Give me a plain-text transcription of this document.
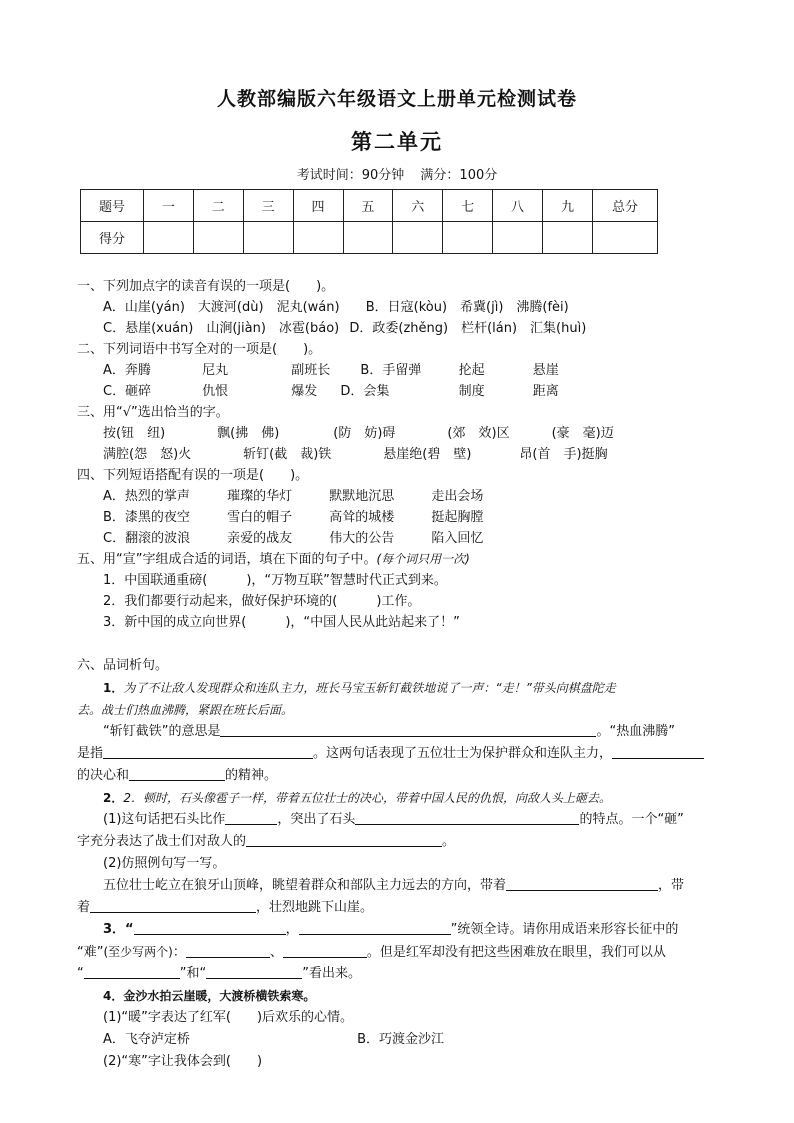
人教部编版六年级语文上册单元检测试卷
第二单元
考试时间：90分钟 满分：100分
题号	一	二	三	四	五	六	七	八	九	总分
得分										
一、下列加点字的读音有误的一项是(　　)。
A．山崖(yán)　大渡河(dù)　泥丸(wán) B．日寇(kòu)　希冀(jì)　沸腾(fèi)
C．悬崖(xuán)　山涧(jiàn)　冰雹(báo) D．政委(zhěng)　栏杆(lán)　汇集(huì)
二、下列词语中书写全对的一项是(　　)。
A．奔腾	尼丸	副班长 B．手留弹	抡起	悬崖
C．砸碎	仇恨	爆发 D．会集	制度	距离
三、用“√”选出恰当的字。
按(钮　纽)	飘(拂　佛)	(防　妨)碍	(郊　效)区	(豪　毫)迈
满腔(怨　怒)火	斩钉(截　裁)铁	悬崖绝(碧　壁)	昂(首　手)挺胸
四、下列短语搭配有误的一项是(　　)。
A．热烈的掌声	璀璨的华灯	默默地沉思	走出会场
B．漆黑的夜空	雪白的帽子	高耸的城楼	挺起胸膛
C．翻滚的波浪	亲爱的战友	伟大的公告	陷入回忆
五、用“宣”字组成合适的词语，填在下面的句子中。(每个词只用一次)
1．中国联通重磅(　　　)，“万物互联”智慧时代正式到来。
2．我们都要行动起来，做好保护环境的(　　　)工作。
3．新中国的成立向世界(　　　)，“中国人民从此站起来了！”
六、品词析句。
1．为了不让敌人发现群众和连队主力，班长马宝玉斩钉截铁地说了一声：“走！”带头向棋盘陀走
去。战士们热血沸腾，紧跟在班长后面。
“斩钉截铁”的意思是	。“热血沸腾”
是指	。这两句话表现了五位壮士为保护群众和连队主力，
的决心和	的精神。
2．2．顿时，石头像雹子一样，带着五位壮士的决心，带着中国人民的仇恨，向敌人头上砸去。
(1)这句话把石头比作	，突出了石头	的特点。一个“砸”
字充分表达了战士们对敌人的	。
(2)仿照例句写一写。
五位壮士屹立在狼牙山顶峰，眺望着群众和部队主力远去的方向，带着	，带
着	，壮烈地跳下山崖。
3．“	，	”统领全诗。请你用成语来形容长征中的
“难”(至少写两个)：	、	。但是红军却没有把这些困难放在眼里，我们可以从
“	”和“	”看出来。
4．金沙水拍云崖暖，大渡桥横铁索寒。
(1)“暖”字表达了红军(　　)后欢乐的心情。
A．飞夺泸定桥	B．巧渡金沙江
(2)“寒”字让我体会到(　　)
